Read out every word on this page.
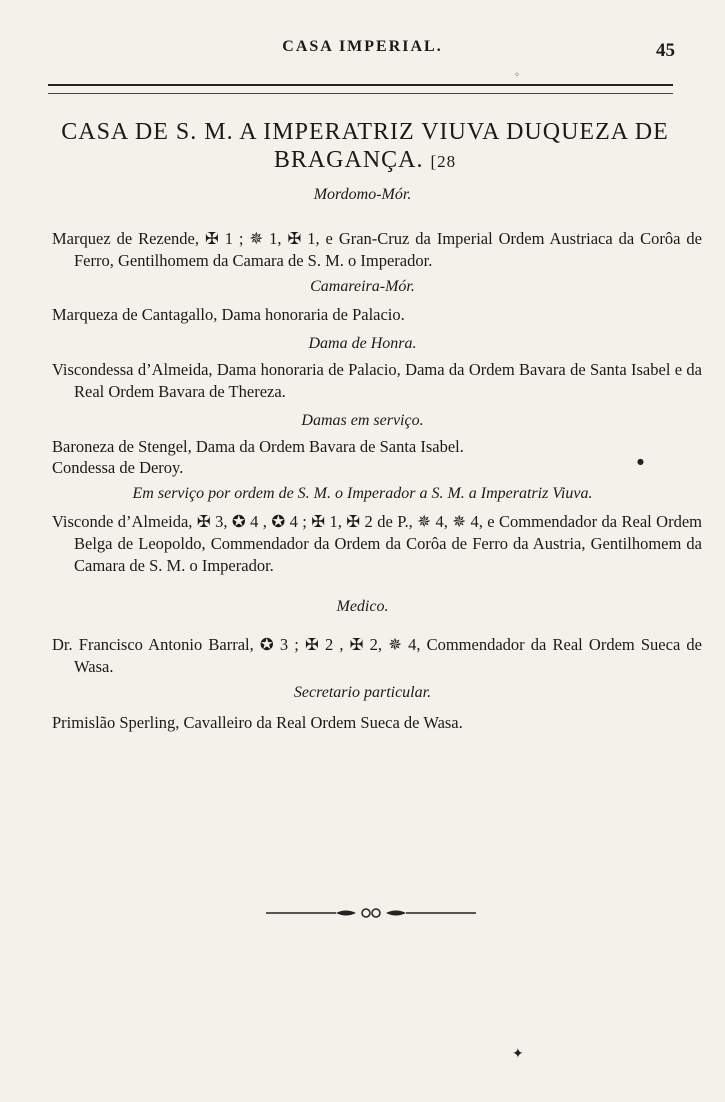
CASA IMPERIAL.	45
CASA DE S. M. A IMPERATRIZ VIUVA DUQUEZA DE
BRAGANÇA. [28
Mordomo-Mór.
Marquez de Rezende, ✠ 1 ; ✵ 1, ✠ 1, e Gran-Cruz da Imperial Ordem Austriaca da Corôa de Ferro, Gentilhomem da Camara de S. M. o Imperador.
Camareira-Mór.
Marqueza de Cantagallo, Dama honoraria de Palacio.
Dama de Honra.
Viscondessa d’Almeida, Dama honoraria de Palacio, Dama da Ordem Bavara de Santa Isabel e da Real Ordem Bavara de Thereza.
Damas em serviço.
Baroneza de Stengel, Dama da Ordem Bavara de Santa Isabel.
Condessa de Deroy.
Em serviço por ordem de S. M. o Imperador a S. M. a Imperatriz Viuva.
Visconde d’Almeida, ✠ 3, ✪ 4 , ✪ 4 ; ✠ 1, ✠ 2 de P., ✵ 4, ✵ 4, e Commendador da Real Ordem Belga de Leopoldo, Commendador da Ordem da Corôa de Ferro da Austria, Gentilhomem da Camara de S. M. o Imperador.
Medico.
Dr. Francisco Antonio Barral, ✪ 3 ; ✠ 2 , ✠ 2, ✵ 4, Commendador da Real Ordem Sueca de Wasa.
Secretario particular.
Primislão Sperling, Cavalleiro da Real Ordem Sueca de Wasa.
◦
✦
●
